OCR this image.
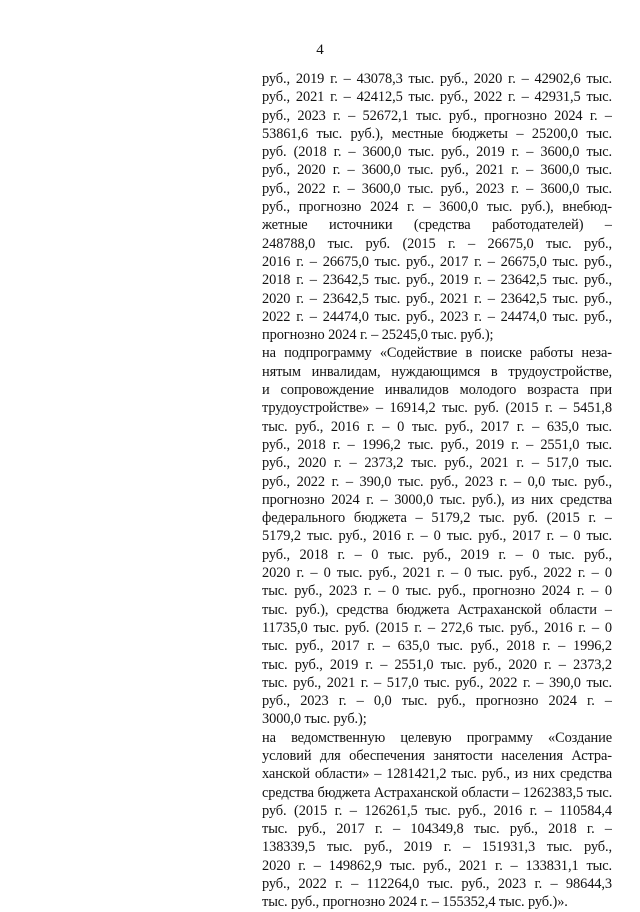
4
руб., 2019 г. – 43078,3 тыс. руб., 2020 г. – 42902,6 тыс.
руб., 2021 г. – 42412,5 тыс. руб., 2022 г. – 42931,5 тыс.
руб., 2023 г. – 52672,1 тыс. руб., прогнозно 2024 г. –
53861,6 тыс. руб.), местные бюджеты – 25200,0 тыс.
руб. (2018 г. – 3600,0 тыс. руб., 2019 г. – 3600,0 тыс.
руб., 2020 г. – 3600,0 тыс. руб., 2021 г. – 3600,0 тыс.
руб., 2022 г. – 3600,0 тыс. руб., 2023 г. – 3600,0 тыс.
руб., прогнозно 2024 г. – 3600,0 тыс. руб.), внебюд-
жетные источники (средства работодателей) –
248788,0 тыс. руб. (2015 г. – 26675,0 тыс. руб.,
2016 г. – 26675,0 тыс. руб., 2017 г. – 26675,0 тыс. руб.,
2018 г. – 23642,5 тыс. руб., 2019 г. – 23642,5 тыс. руб.,
2020 г. – 23642,5 тыс. руб., 2021 г. – 23642,5 тыс. руб.,
2022 г. – 24474,0 тыс. руб., 2023 г. – 24474,0 тыс. руб.,
прогнозно 2024 г. – 25245,0 тыс. руб.);
на подпрограмму «Содействие в поиске работы неза-
нятым инвалидам, нуждающимся в трудоустройстве,
и сопровождение инвалидов молодого возраста при
трудоустройстве» – 16914,2 тыс. руб. (2015 г. – 5451,8
тыс. руб., 2016 г. – 0 тыс. руб., 2017 г. – 635,0 тыс.
руб., 2018 г. – 1996,2 тыс. руб., 2019 г. – 2551,0 тыс.
руб., 2020 г. – 2373,2 тыс. руб., 2021 г. – 517,0 тыс.
руб., 2022 г. – 390,0 тыс. руб., 2023 г. – 0,0 тыс. руб.,
прогнозно 2024 г. – 3000,0 тыс. руб.), из них средства
федерального бюджета – 5179,2 тыс. руб. (2015 г. –
5179,2 тыс. руб., 2016 г. – 0 тыс. руб., 2017 г. – 0 тыс.
руб., 2018 г. – 0 тыс. руб., 2019 г. – 0 тыс. руб.,
2020 г. – 0 тыс. руб., 2021 г. – 0 тыс. руб., 2022 г. – 0
тыс. руб., 2023 г. – 0 тыс. руб., прогнозно 2024 г. – 0
тыс. руб.), средства бюджета Астраханской области –
11735,0 тыс. руб. (2015 г. – 272,6 тыс. руб., 2016 г. – 0
тыс. руб., 2017 г. – 635,0 тыс. руб., 2018 г. – 1996,2
тыс. руб., 2019 г. – 2551,0 тыс. руб., 2020 г. – 2373,2
тыс. руб., 2021 г. – 517,0 тыс. руб., 2022 г. – 390,0 тыс.
руб., 2023 г. – 0,0 тыс. руб., прогнозно 2024 г. –
3000,0 тыс. руб.);
на ведомственную целевую программу «Создание
условий для обеспечения занятости населения Астра-
ханской области» – 1281421,2 тыс. руб., из них средства
средства бюджета Астраханской области – 1262383,5 тыс.
руб. (2015 г. – 126261,5 тыс. руб., 2016 г. – 110584,4
тыс. руб., 2017 г. – 104349,8 тыс. руб., 2018 г. –
138339,5 тыс. руб., 2019 г. – 151931,3 тыс. руб.,
2020 г. – 149862,9 тыс. руб., 2021 г. – 133831,1 тыс.
руб., 2022 г. – 112264,0 тыс. руб., 2023 г. – 98644,3
тыс. руб., прогнозно 2024 г. – 155352,4 тыс. руб.)».
